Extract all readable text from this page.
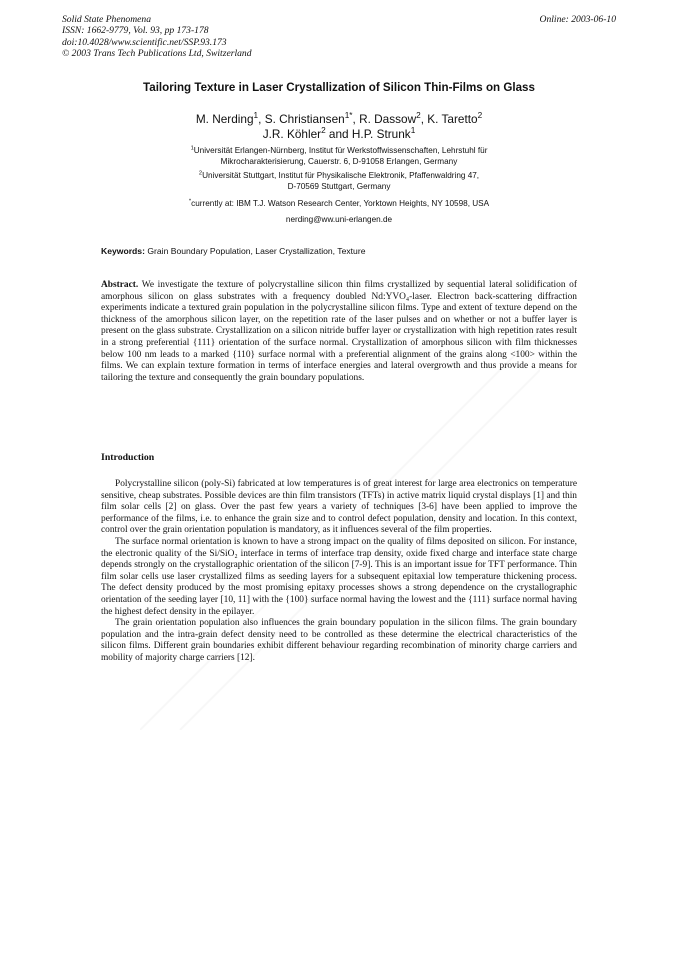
Solid State Phenomena
ISSN: 1662-9779, Vol. 93, pp 173-178
doi:10.4028/www.scientific.net/SSP.93.173
© 2003 Trans Tech Publications Ltd, Switzerland
Online: 2003-06-10
Tailoring Texture in Laser Crystallization of Silicon Thin-Films on Glass
M. Nerding$^1$, S. Christiansen$^{1*}$, R. Dassow$^2$, K. Taretto$^2$
J.R. Köhler$^2$ and H.P. Strunk$^1$
$^1$Universität Erlangen-Nürnberg, Institut für Werkstoffwissenschaften, Lehrstuhl für
Mikrocharakterisierung, Cauerstr. 6, D-91058 Erlangen, Germany
$^2$Universität Stuttgart, Institut für Physikalische Elektronik, Pfaffenwaldring 47,
D-70569 Stuttgart, Germany
*currently at: IBM T.J. Watson Research Center, Yorktown Heights, NY 10598, USA
nerding@ww.uni-erlangen.de
Keywords: Grain Boundary Population, Laser Crystallization, Texture

Abstract. We investigate the texture of polycrystalline silicon thin films crystallized by sequential lateral solidification of amorphous silicon on glass substrates with a frequency doubled Nd:YVO₄-laser. Electron back-scattering diffraction experiments indicate a textured grain population in the polycrystalline silicon films. Type and extent of texture depend on the thickness of the amorphous silicon layer, on the repetition rate of the laser pulses and on whether or not a buffer layer is present on the glass substrate. Crystallization on a silicon nitride buffer layer or crystallization with high repetition rates result in a strong preferential {111} orientation of the surface normal. Crystallization of amorphous silicon with film thicknesses below 100 nm leads to a marked {110} surface normal with a preferential alignment of the grains along <100> within the films. We can explain texture formation in terms of interface energies and lateral overgrowth and thus provide a means for tailoring the texture and consequently the grain boundary populations.

Introduction

Polycrystalline silicon (poly-Si) fabricated at low temperatures is of great interest for large area electronics on temperature sensitive, cheap substrates. Possible devices are thin film transistors (TFTs) in active matrix liquid crystal displays [1] and thin film solar cells [2] on glass. Over the past few years a variety of techniques [3-6] have been applied to improve the performance of the films, i.e. to enhance the grain size and to control defect population, density and location. In this context, control over the grain orientation population is mandatory, as it influences several of the film properties.

The surface normal orientation is known to have a strong impact on the quality of films deposited on silicon. For instance, the electronic quality of the Si/SiO₂ interface in terms of interface trap density, oxide fixed charge and interface state charge depends strongly on the crystallographic orientation of the silicon [7-9]. This is an important issue for TFT performance. Thin film solar cells use laser crystallized films as seeding layers for a subsequent epitaxial low temperature thickening process. The defect density produced by the most promising epitaxy processes shows a strong dependence on the crystallographic orientation of the seeding layer [10, 11] with the {100} surface normal having the lowest and the {111} surface normal having the highest defect density in the epilayer.

The grain orientation population also influences the grain boundary population in the silicon films. The grain boundary population and the intra-grain defect density need to be controlled as these determine the electrical characteristics of the silicon films. Different grain boundaries exhibit different behaviour regarding recombination of minority charge carriers and mobility of majority charge carriers [12].
